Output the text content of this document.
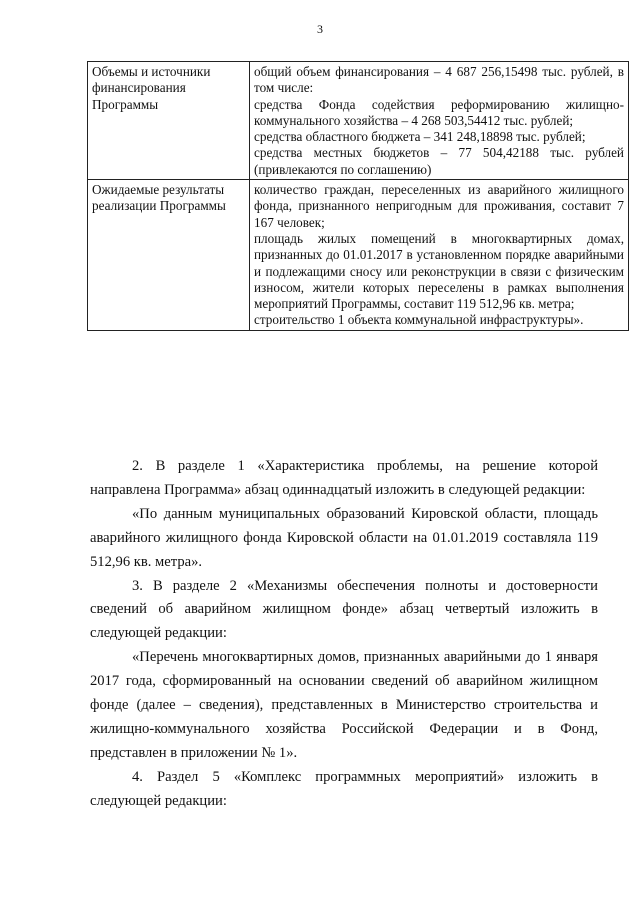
3
Объемы и источники финансирования Программы	общий объем финансирования – 4 687 256,15498 тыс. рублей, в том числе:
средства Фонда содействия реформированию жилищно-коммунального хозяйства – 4 268 503,54412 тыс. рублей;
средства областного бюджета – 341 248,18898 тыс. рублей;
средства местных бюджетов – 77 504,42188 тыс. рублей (привлекаются по соглашению)

Ожидаемые результаты реализации Программы	количество граждан, переселенных из аварийного жилищного фонда, признанного непригодным для проживания, составит 7 167 человек;
площадь жилых помещений в многоквартирных домах, признанных до 01.01.2017 в установленном порядке аварийными и подлежащими сносу или реконструкции в связи с физическим износом, жители которых переселены в рамках выполнения мероприятий Программы, составит 119 512,96 кв. метра;
строительство 1 объекта коммунальной инфраструктуры».

2. В разделе 1 «Характеристика проблемы, на решение которой направлена Программа» абзац одиннадцатый изложить в следующей редакции:

«По данным муниципальных образований Кировской области, площадь аварийного жилищного фонда Кировской области на 01.01.2019 составляла 119 512,96 кв. метра».

3. В разделе 2 «Механизмы обеспечения полноты и достоверности сведений об аварийном жилищном фонде» абзац четвертый изложить в следующей редакции:

«Перечень многоквартирных домов, признанных аварийными до 1 января 2017 года, сформированный на основании сведений об аварийном жилищном фонде (далее – сведения), представленных в Министерство строительства и жилищно-коммунального хозяйства Российской Федерации и в Фонд, представлен в приложении № 1».

4. Раздел 5 «Комплекс программных мероприятий» изложить в следующей редакции:
